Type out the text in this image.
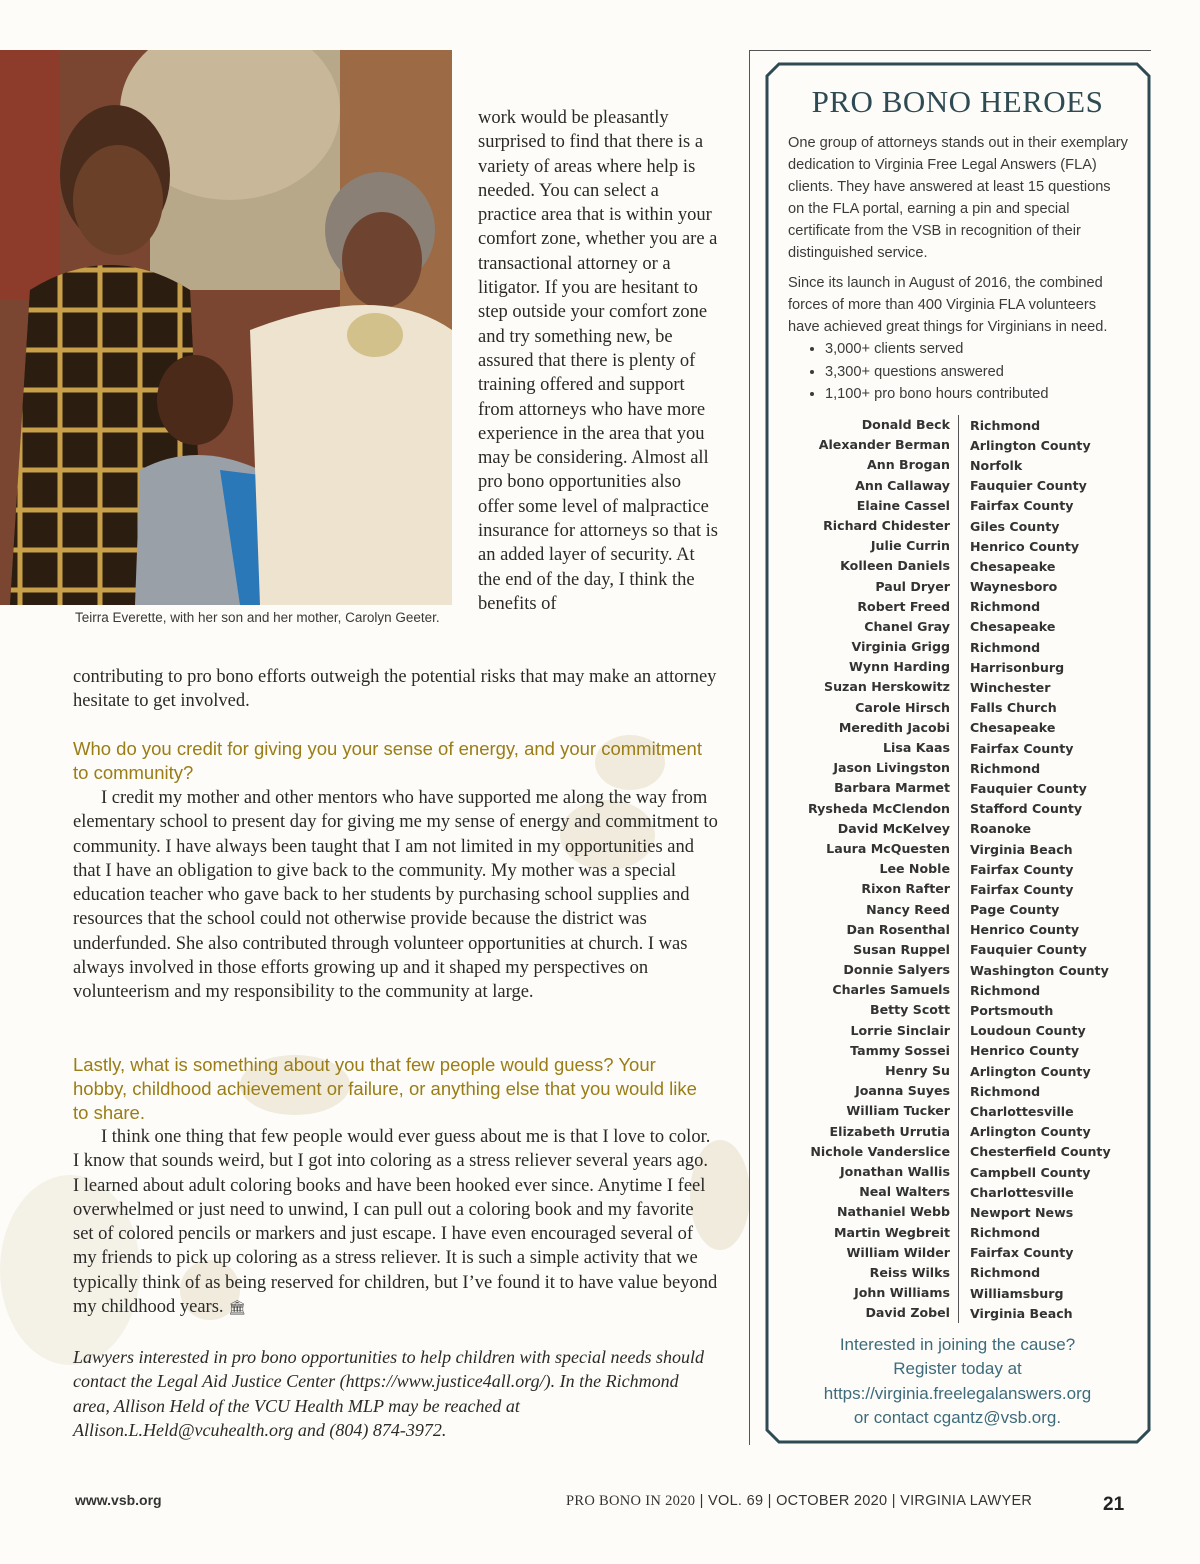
Teirra Everette, with her son and her mother, Carolyn Geeter.

work would be pleasantly surprised to find that there is a variety of areas where help is needed. You can select a practice area that is within your comfort zone, whether you are a transactional attorney or a litigator. If you are hesitant to step outside your comfort zone and try something new, be assured that there is plenty of training offered and support from attorneys who have more experience in the area that you may be considering. Almost all pro bono opportunities also offer some level of malpractice insurance for attorneys so that is an added layer of security. At the end of the day, I think the benefits of

contributing to pro bono efforts outweigh the potential risks that may make an attorney hesitate to get involved.

Who do you credit for giving you your sense of energy, and your commitment to community?

I credit my mother and other mentors who have supported me along the way from elementary school to present day for giving me my sense of energy and commitment to community. I have always been taught that I am not limited in my opportunities and that I have an obligation to give back to the community. My mother was a special education teacher who gave back to her students by purchasing school supplies and resources that the school could not otherwise provide because the district was underfunded. She also contributed through volunteer opportunities at church. I was always involved in those efforts growing up and it shaped my perspectives on volunteerism and my responsibility to the community at large.

Lastly, what is something about you that few people would guess? Your hobby, childhood achievement or failure, or anything else that you would like to share.

I think one thing that few people would ever guess about me is that I love to color. I know that sounds weird, but I got into coloring as a stress reliever several years ago. I learned about adult coloring books and have been hooked ever since. Anytime I feel overwhelmed or just need to unwind, I can pull out a coloring book and my favorite set of colored pencils or markers and just escape. I have even encouraged several of my friends to pick up coloring as a stress reliever. It is such a simple activity that we typically think of as being reserved for children, but I’ve found it to have value beyond my childhood years. 🏛

Lawyers interested in pro bono opportunities to help children with special needs should contact the Legal Aid Justice Center (https://www.justice4all.org/). In the Richmond area, Allison Held of the VCU Health MLP may be reached at Allison.L.Held@vcuhealth.org and (804) 874-3972.

PRO BONO HEROES

One group of attorneys stands out in their exemplary dedication to Virginia Free Legal Answers (FLA) clients. They have answered at least 15 questions on the FLA portal, earning a pin and special certificate from the VSB in recognition of their distinguished service.

Since its launch in August of 2016, the combined forces of more than 400 Virginia FLA volunteers have achieved great things for Virginians in need.

• 3,000+ clients served
• 3,300+ questions answered
• 1,100+ pro bono hours contributed
Donald Beck	Richmond
Alexander Berman	Arlington County
Ann Brogan	Norfolk
Ann Callaway	Fauquier County
Elaine Cassel	Fairfax County
Richard Chidester	Giles County
Julie Currin	Henrico County
Kolleen Daniels	Chesapeake
Paul Dryer	Waynesboro
Robert Freed	Richmond
Chanel Gray	Chesapeake
Virginia Grigg	Richmond
Wynn Harding	Harrisonburg
Suzan Herskowitz	Winchester
Carole Hirsch	Falls Church
Meredith Jacobi	Chesapeake
Lisa Kaas	Fairfax County
Jason Livingston	Richmond
Barbara Marmet	Fauquier County
Rysheda McClendon	Stafford County
David McKelvey	Roanoke
Laura McQuesten	Virginia Beach
Lee Noble	Fairfax County
Rixon Rafter	Fairfax County
Nancy Reed	Page County
Dan Rosenthal	Henrico County
Susan Ruppel	Fauquier County
Donnie Salyers	Washington County
Charles Samuels	Richmond
Betty Scott	Portsmouth
Lorrie Sinclair	Loudoun County
Tammy Sossei	Henrico County
Henry Su	Arlington County
Joanna Suyes	Richmond
William Tucker	Charlottesville
Elizabeth Urrutia	Arlington County
Nichole Vanderslice	Chesterfield County
Jonathan Wallis	Campbell County
Neal Walters	Charlottesville
Nathaniel Webb	Newport News
Martin Wegbreit	Richmond
William Wilder	Fairfax County
Reiss Wilks	Richmond
John Williams	Williamsburg
David Zobel	Virginia Beach
Interested in joining the cause?
Register today at
https://virginia.freelegalanswers.org
or contact cgantz@vsb.org.
www.vsb.org	PRO BONO IN 2020 | VOL. 69 | OCTOBER 2020 | VIRGINIA LAWYER	21
